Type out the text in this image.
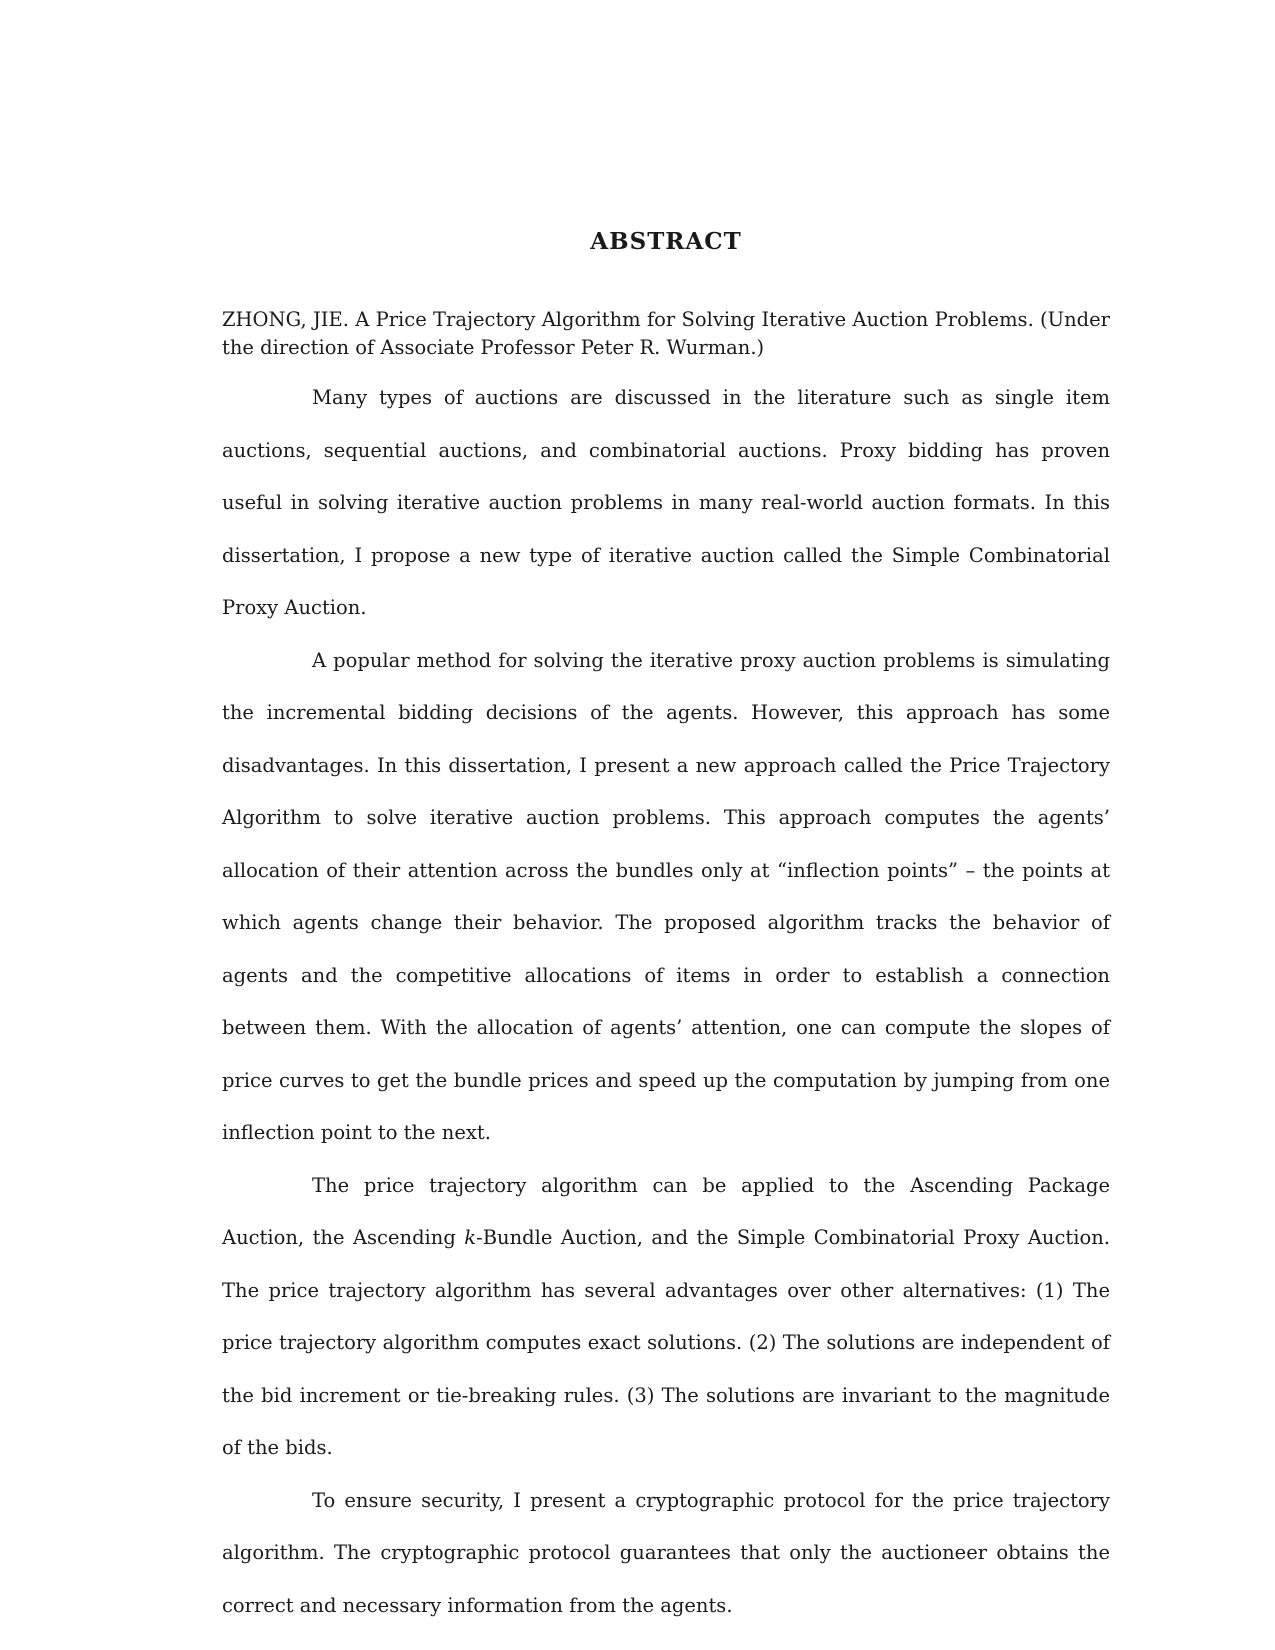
ABSTRACT

ZHONG, JIE. A Price Trajectory Algorithm for Solving Iterative Auction Problems. (Under the direction of Associate Professor Peter R. Wurman.)

Many types of auctions are discussed in the literature such as single item auctions, sequential auctions, and combinatorial auctions. Proxy bidding has proven useful in solving iterative auction problems in many real-world auction formats. In this dissertation, I propose a new type of iterative auction called the Simple Combinatorial Proxy Auction.

A popular method for solving the iterative proxy auction problems is simulating the incremental bidding decisions of the agents. However, this approach has some disadvantages. In this dissertation, I present a new approach called the Price Trajectory Algorithm to solve iterative auction problems. This approach computes the agents’ allocation of their attention across the bundles only at “inflection points” – the points at which agents change their behavior. The proposed algorithm tracks the behavior of agents and the competitive allocations of items in order to establish a connection between them. With the allocation of agents’ attention, one can compute the slopes of price curves to get the bundle prices and speed up the computation by jumping from one inflection point to the next.

The price trajectory algorithm can be applied to the Ascending Package Auction, the Ascending k-Bundle Auction, and the Simple Combinatorial Proxy Auction. The price trajectory algorithm has several advantages over other alternatives: (1) The price trajectory algorithm computes exact solutions. (2) The solutions are independent of the bid increment or tie-breaking rules. (3) The solutions are invariant to the magnitude of the bids.

To ensure security, I present a cryptographic protocol for the price trajectory algorithm. The cryptographic protocol guarantees that only the auctioneer obtains the correct and necessary information from the agents.
